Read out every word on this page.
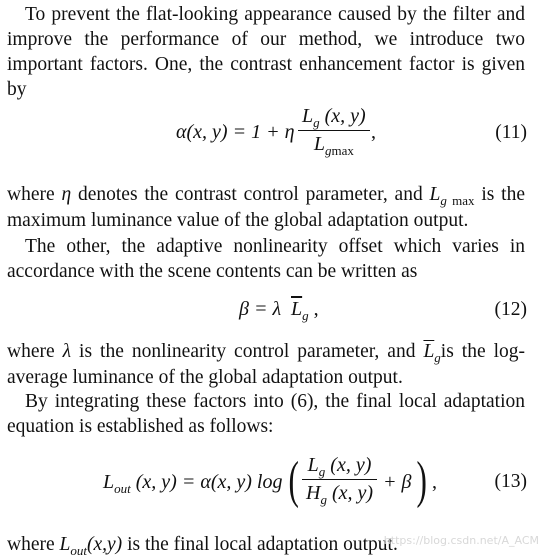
To prevent the flat-looking appearance caused by the filter and improve the performance of our method, we introduce two important factors. One, the contrast enhancement factor is given by

α(x, y) = 1 + η
$L_g$ (x, y)
$L_{gmax}$
,	(11)

where η denotes the contrast control parameter, and $L_g$ $_{max}$ is the maximum luminance value of the global adaptation output.

The other, the adaptive nonlinearity offset which varies in accordance with the scene contents can be written as

β = λ $\overline{L}_g$ ,	(12)

where λ is the nonlinearity control parameter, and $\overline{L}_gis$ the log-average luminance of the global adaptation output.

By integrating these factors into (6), the final local adaptation equation is established as follows:

$L_{out}$ (x, y) = α(x, y) log ( $\frac{L_g (x, y)}{H_g (x, y)} + \beta$ ) ,	(13)

where $L_{out}(x,y)$ is the final local adaptation output.

https://blog.csdn.net/A_ACM
